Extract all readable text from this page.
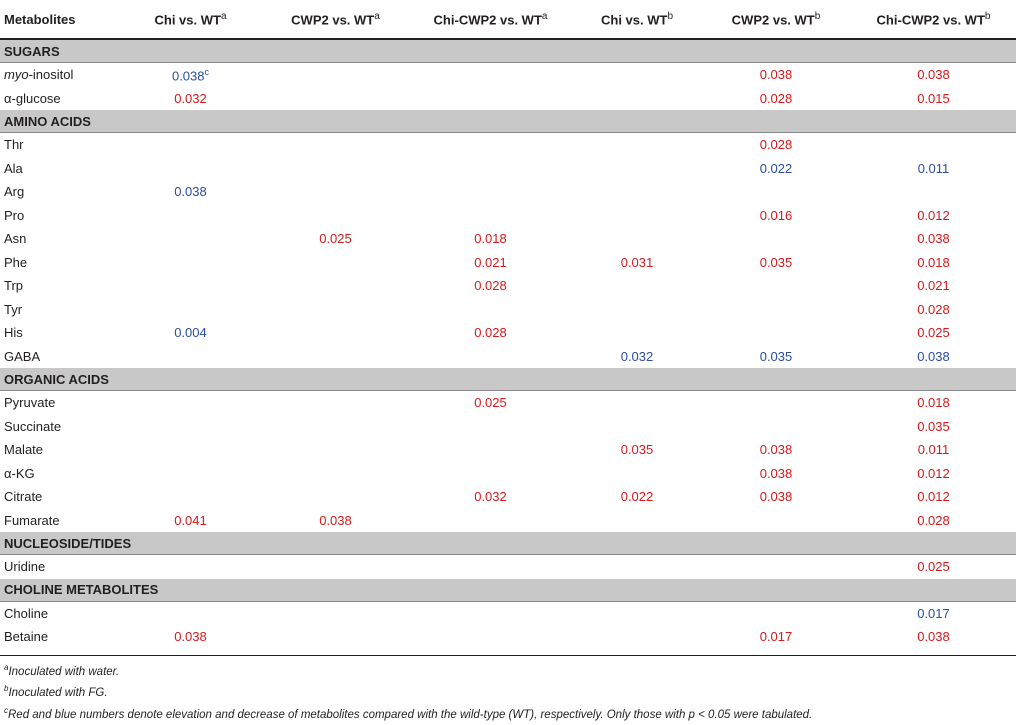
Metabolites	Chi vs. $WT^a$	CWP2 vs. $WT^a$	Chi-CWP2 vs. $WT^a$	Chi vs. $WT^b$	CWP2 vs. $WT^b$	Chi-CWP2 vs. $WT^b$
SUGARS						
myo-inositol	0.038$^c$				0.038	0.038
α-glucose	0.032				0.028	0.015
AMINO ACIDS						
Thr					0.028	
Ala					0.022	0.011
Arg	0.038					
Pro					0.016	0.012
Asn		0.025	0.018			0.038
Phe			0.021	0.031	0.035	0.018
Trp			0.028			0.021
Tyr						0.028
His	0.004		0.028			0.025
GABA				0.032	0.035	0.038
ORGANIC ACIDS						
Pyruvate			0.025			0.018
Succinate						0.035
Malate				0.035	0.038	0.011
α-KG					0.038	0.012
Citrate			0.032	0.022	0.038	0.012
Fumarate	0.041	0.038				0.028
NUCLEOSIDE/TIDES						
Uridine						0.025
CHOLINE METABOLITES						
Choline						0.017
Betaine	0.038				0.017	0.038
$^a$Inoculated with water.
$^b$Inoculated with FG.
$^c$Red and blue numbers denote elevation and decrease of metabolites compared with the wild-type (WT), respectively. Only those with p < 0.05 were tabulated.
